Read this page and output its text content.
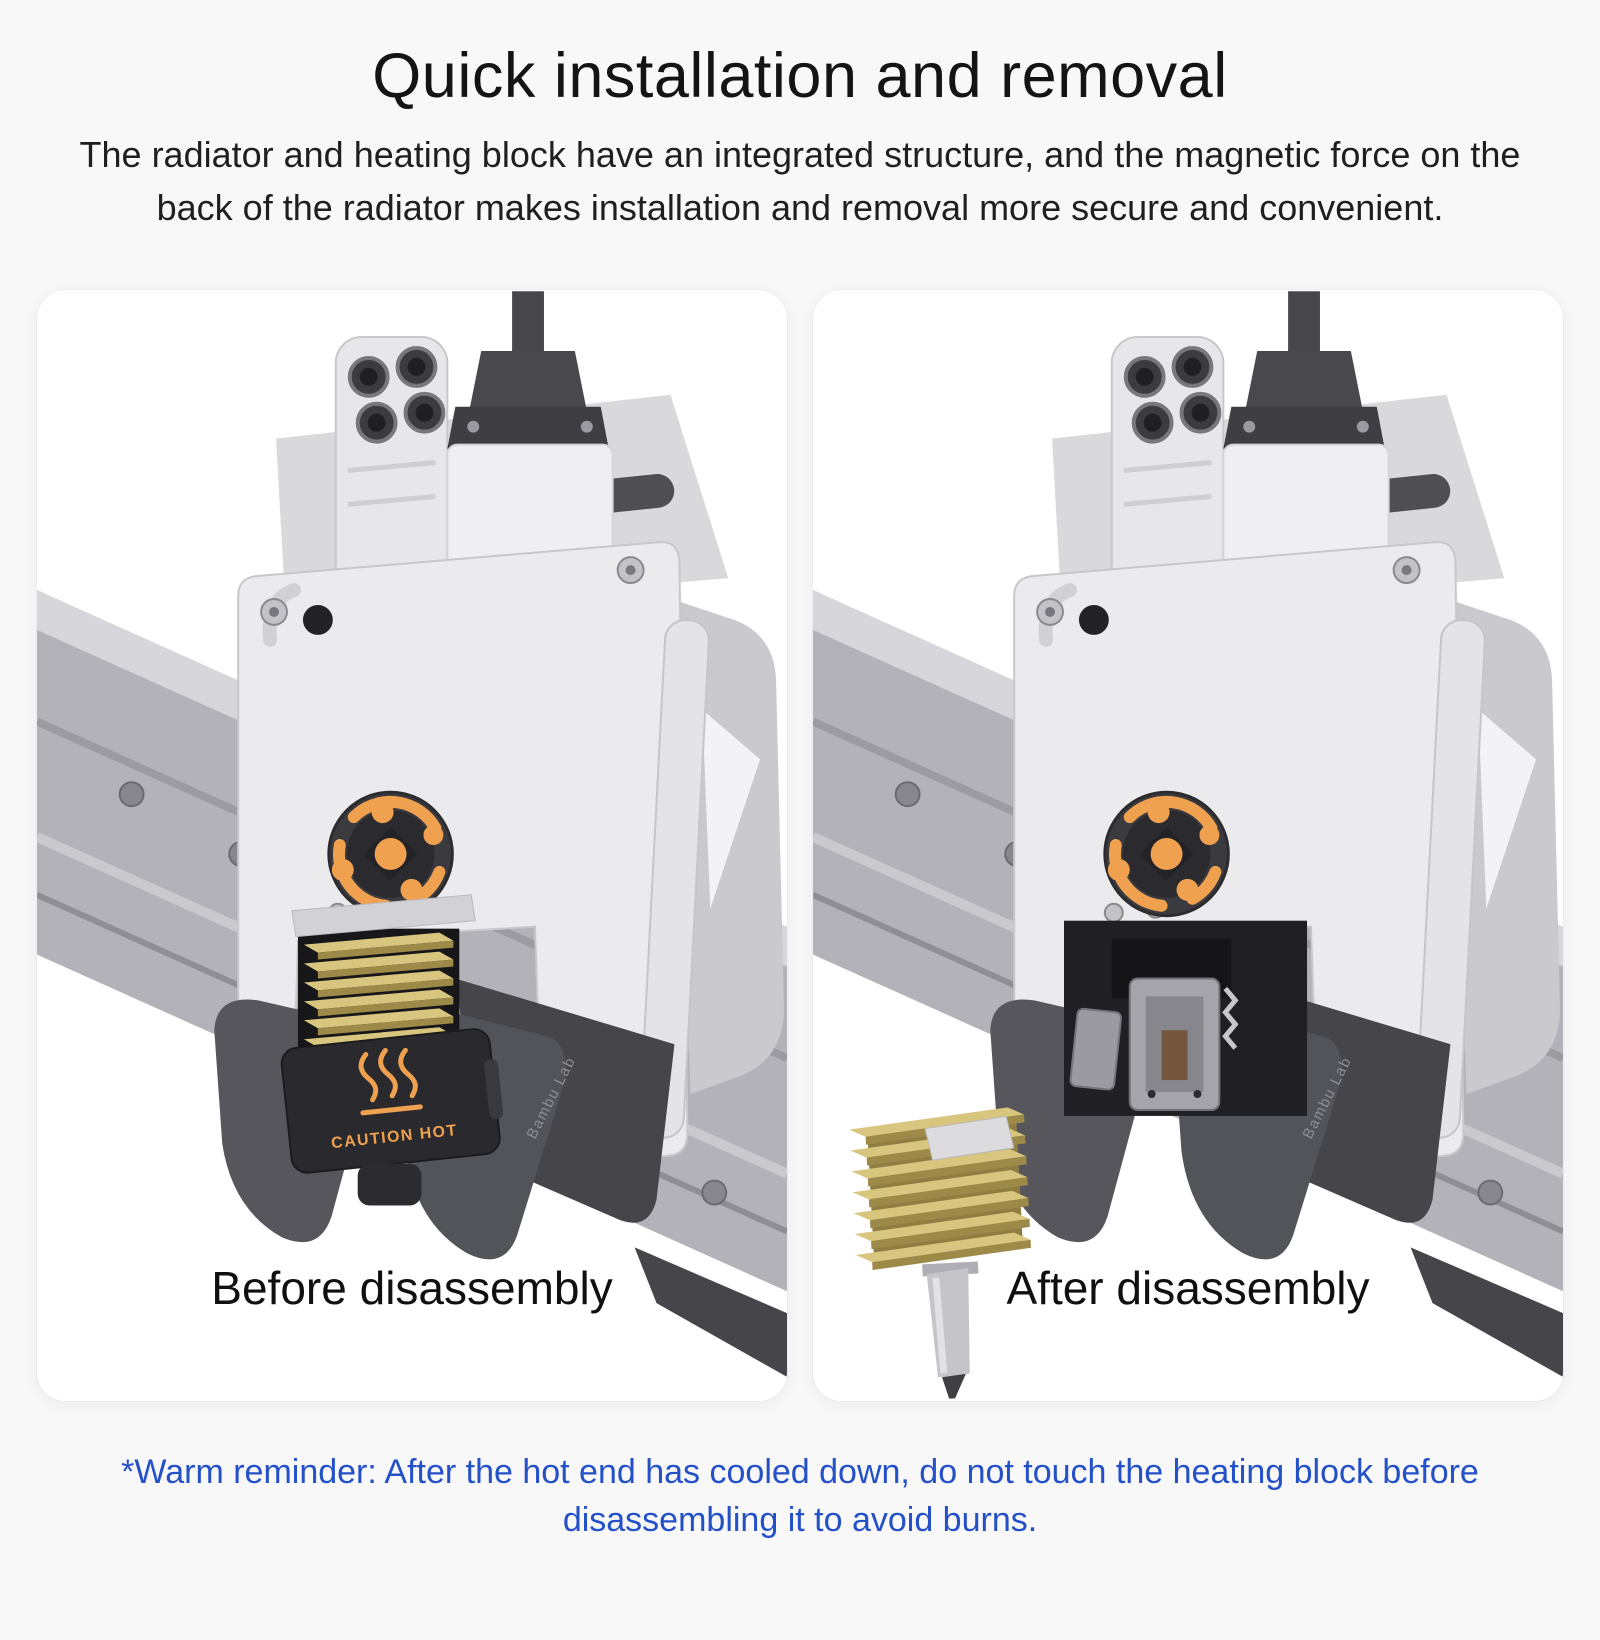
Quick installation and removal

The radiator and heating block have an integrated structure, and the magnetic force on the back of the radiator makes installation and removal more secure and convenient.

Before disassembly	After disassembly

*Warm reminder: After the hot end has cooled down, do not touch the heating block before disassembling it to avoid burns.
